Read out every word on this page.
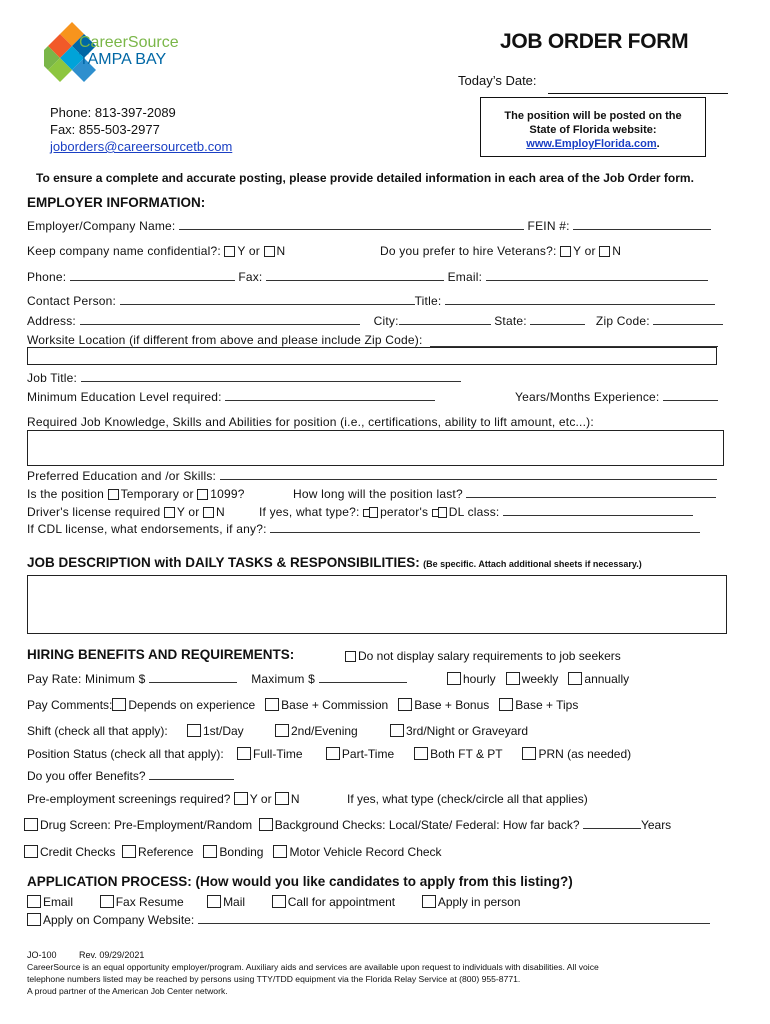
CareerSource
TAMPA BAY
JOB ORDER FORM
Today’s Date:
Phone: 813-397-2089
Fax: 855-503-2977
joborders@careersourcetb.com
The position will be posted on the
State of Florida website:
www.EmployFlorida.com.
To ensure a complete and accurate posting, please provide detailed information in each area of the Job Order form.
EMPLOYER INFORMATION:
Employer/Company Name:	FEIN #:
Keep company name confidential?: Y or N	Do you prefer to hire Veterans?: Y or N
Phone:	Fax:	Email:
Contact Person:	Title:
Address:	City:	State:	Zip Code:
Worksite Location (if different from above and please include Zip Code):
Job Title:
Minimum Education Level required:	Years/Months Experience:
Required Job Knowledge, Skills and Abilities for position (i.e., certifications, ability to lift amount, etc...):
Preferred Education and /or Skills:
Is the position Temporary or 1099?	How long will the position last?
Driver's license required Y or N	If yes, what type?: perator's DL class:
If CDL license, what endorsements, if any?:
JOB DESCRIPTION with DAILY TASKS & RESPONSIBILITIES: (Be specific. Attach additional sheets if necessary.)
HIRING BENEFITS AND REQUIREMENTS:	Do not display salary requirements to job seekers
Pay Rate: Minimum $	Maximum $	hourly weekly annually
Pay Comments: Depends on experience Base + Commission Base + Bonus Base + Tips
Shift (check all that apply):	1st/Day	2nd/Evening	3rd/Night or Graveyard
Position Status (check all that apply):	Full-Time	Part-Time	Both FT & PT	PRN (as needed)
Do you offer Benefits?
Pre-employment screenings required? Y or N	If yes, what type (check/circle all that applies)
Drug Screen: Pre-Employment/Random Background Checks: Local/State/ Federal: How far back?	Years
Credit Checks Reference Bonding Motor Vehicle Record Check
APPLICATION PROCESS: (How would you like candidates to apply from this listing?)
Email	Fax Resume	Mail	Call for appointment	Apply in person
Apply on Company Website:
JO-100	Rev. 09/29/2021
CareerSource is an equal opportunity employer/program. Auxiliary aids and services are available upon request to individuals with disabilities. All voice
telephone numbers listed may be reached by persons using TTY/TDD equipment via the Florida Relay Service at (800) 955-8771.
A proud partner of the American Job Center network.
